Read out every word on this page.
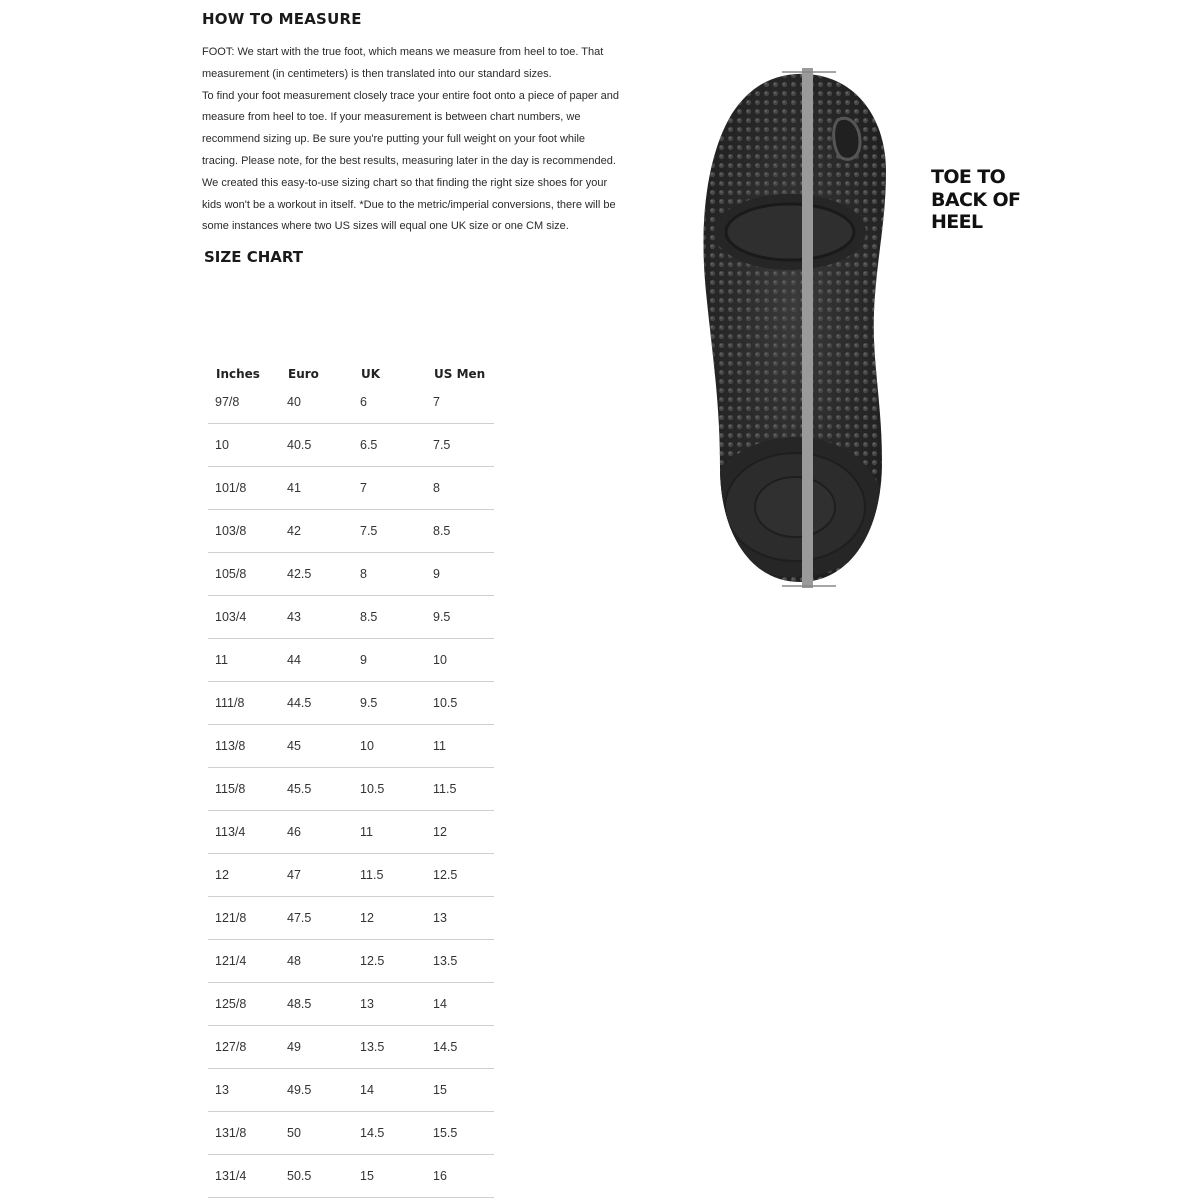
HOW TO MEASURE

FOOT: We start with the true foot, which means we measure from heel to toe. That measurement (in centimeters) is then translated into our standard sizes.

To find your foot measurement closely trace your entire foot onto a piece of paper and measure from heel to toe. If your measurement is between chart numbers, we recommend sizing up. Be sure you're putting your full weight on your foot while tracing. Please note, for the best results, measuring later in the day is recommended.

We created this easy-to-use sizing chart so that finding the right size shoes for your kids won't be a workout in itself. *Due to the metric/imperial conversions, there will be some instances where two US sizes will equal one UK size or one CM size.

SIZE CHART
Inches	Euro	UK	US Men
97/8	40	6	7
10	40.5	6.5	7.5
101/8	41	7	8
103/8	42	7.5	8.5
105/8	42.5	8	9
103/4	43	8.5	9.5
11	44	9	10
111/8	44.5	9.5	10.5
113/8	45	10	11
115/8	45.5	10.5	11.5
113/4	46	11	12
12	47	11.5	12.5
121/8	47.5	12	13
121/4	48	12.5	13.5
125/8	48.5	13	14
127/8	49	13.5	14.5
13	49.5	14	15
131/8	50	14.5	15.5
131/4	50.5	15	16
TOE TO
BACK OF
HEEL
